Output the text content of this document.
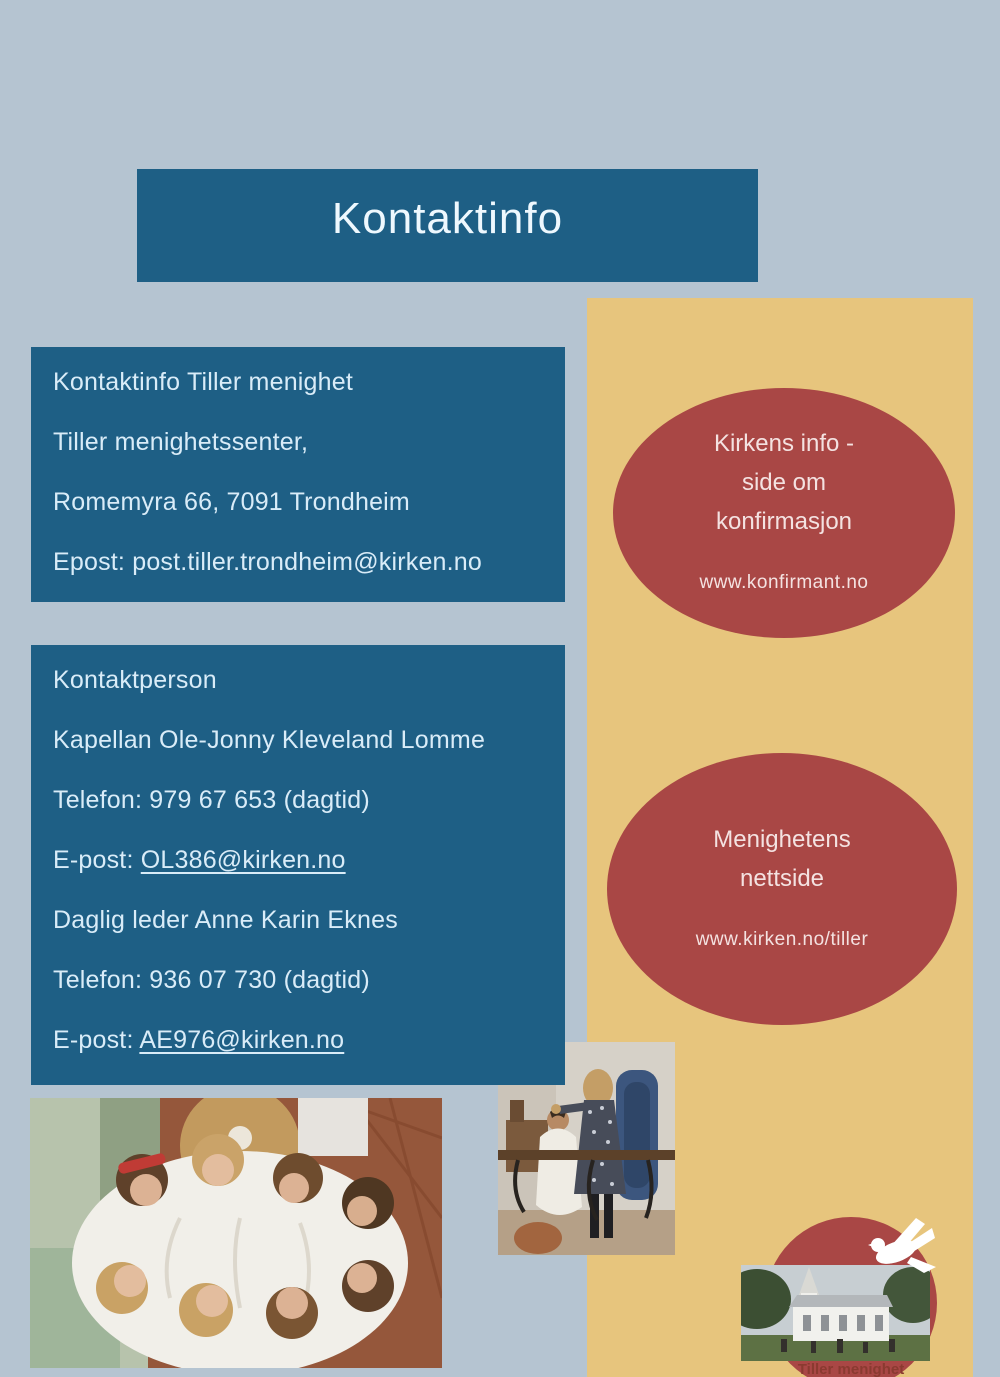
Kontaktinfo

Kontaktinfo Tiller menighet

Tiller menighetssenter,

Romemyra 66, 7091 Trondheim

Epost: post.tiller.trondheim@kirken.no

Kontaktperson

Kapellan Ole-Jonny Kleveland Lomme

Telefon: 979 67 653 (dagtid)

E-post: OL386@kirken.no

Daglig leder Anne Karin Eknes

Telefon: 936 07 730 (dagtid)

E-post: AE976@kirken.no

Kirkens info -

side om

konfirmasjon

www.konfirmant.no

Menighetens

nettside

www.kirken.no/tiller

Tiller menighet
